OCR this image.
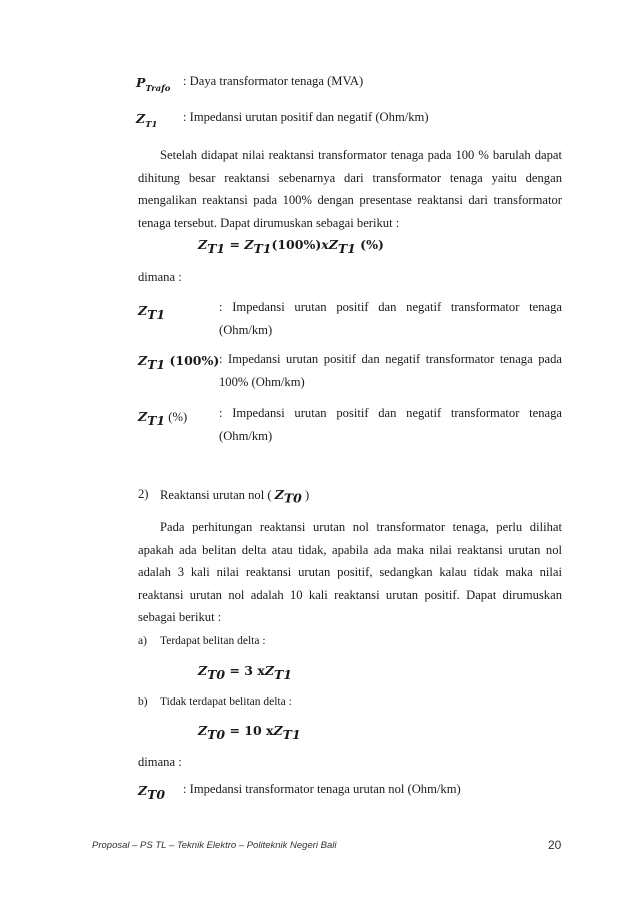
$P_{Trafo}$
: Daya transformator tenaga (MVA)
$Z_{T1}$
: Impedansi urutan positif dan negatif (Ohm/km)
Setelah didapat nilai reaktansi transformator tenaga pada 100 % barulah dapat
dihitung besar reaktansi sebenarnya dari transformator tenaga yaitu dengan
mengalikan reaktansi pada 100% dengan presentase reaktansi dari transformator
tenaga tersebut. Dapat dirumuskan sebagai berikut :
$Z_{T1} = Z_{T1}(100\%)xZ_{T1}$ (%)
dimana :
$Z_{T1}$
: Impedansi urutan positif dan negatif transformator tenaga
(Ohm/km)
$Z_{T1}$ (100%) : Impedansi urutan positif dan negatif transformator tenaga pada
100% (Ohm/km)
$Z_{T1}$ (%)	: Impedansi urutan positif dan negatif transformator tenaga
(Ohm/km)
2) Reaktansi urutan nol ( $Z_{T0}$ )
Pada perhitungan reaktansi urutan nol transformator tenaga, perlu dilihat
apakah ada belitan delta atau tidak, apabila ada maka nilai reaktansi urutan nol
adalah 3 kali nilai reaktansi urutan positif, sedangkan kalau tidak maka nilai
reaktansi urutan nol adalah 10 kali reaktansi urutan positif. Dapat dirumuskan
sebagai berikut :
a) Terdapat belitan delta :
$Z_{T0} = 3$ $xZ_{T1}$
b) Tidak terdapat belitan delta :
$Z_{T0} = 10$ $xZ_{T1}$
dimana :
$Z_{T0}$ : Impedansi transformator tenaga urutan nol (Ohm/km)
Proposal – PS TL – Teknik Elektro – Politeknik Negeri Bali	20
